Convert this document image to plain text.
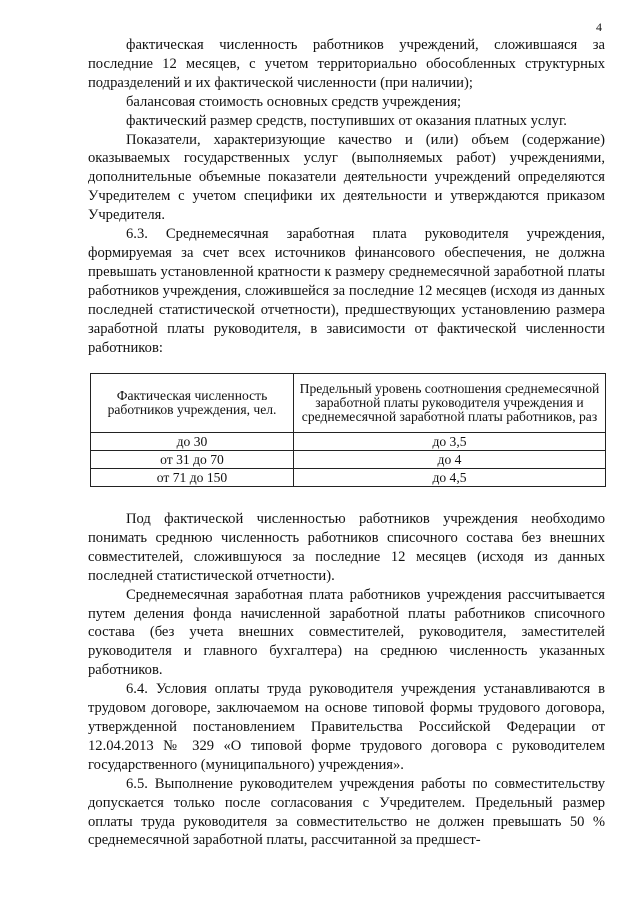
4

фактическая численность работников учреждений, сложившаяся за последние 12 месяцев, с учетом территориально обособленных структурных подразделений и их фактической численности (при наличии);

балансовая стоимость основных средств учреждения;

фактический размер средств, поступивших от оказания платных услуг.

Показатели, характеризующие качество и (или) объем (содержание) оказываемых государственных услуг (выполняемых работ) учреждениями, дополнительные объемные показатели деятельности учреждений определяются Учредителем с учетом специфики их деятельности и утверждаются приказом Учредителя.

6.3. Среднемесячная заработная плата руководителя учреждения, формируемая за счет всех источников финансового обеспечения, не должна превышать установленной кратности к размеру среднемесячной заработной платы работников учреждения, сложившейся за последние 12 месяцев (исходя из данных последней статистической отчетности), предшествующих установлению размера заработной платы руководителя, в зависимости от фактической численности работников:

Фактическая численность работников учреждения, чел.	Предельный уровень соотношения среднемесячной заработной платы руководителя учреждения и среднемесячной заработной платы работников, раз
до 30	до 3,5
от 31 до 70	до 4
от 71 до 150	до 4,5

Под фактической численностью работников учреждения необходимо понимать среднюю численность работников списочного состава без внешних совместителей, сложившуюся за последние 12 месяцев (исходя из данных последней статистической отчетности).

Среднемесячная заработная плата работников учреждения рассчитывается путем деления фонда начисленной заработной платы работников списочного состава (без учета внешних совместителей, руководителя, заместителей руководителя и главного бухгалтера) на среднюю численность указанных работников.

6.4. Условия оплаты труда руководителя учреждения устанавливаются в трудовом договоре, заключаемом на основе типовой формы трудового договора, утвержденной постановлением Правительства Российской Федерации от 12.04.2013 № 329 «О типовой форме трудового договора с руководителем государственного (муниципального) учреждения».

6.5. Выполнение руководителем учреждения работы по совместительству допускается только после согласования с Учредителем. Предельный размер оплаты труда руководителя за совместительство не должен превышать 50 % среднемесячной заработной платы, рассчитанной за предшест-
